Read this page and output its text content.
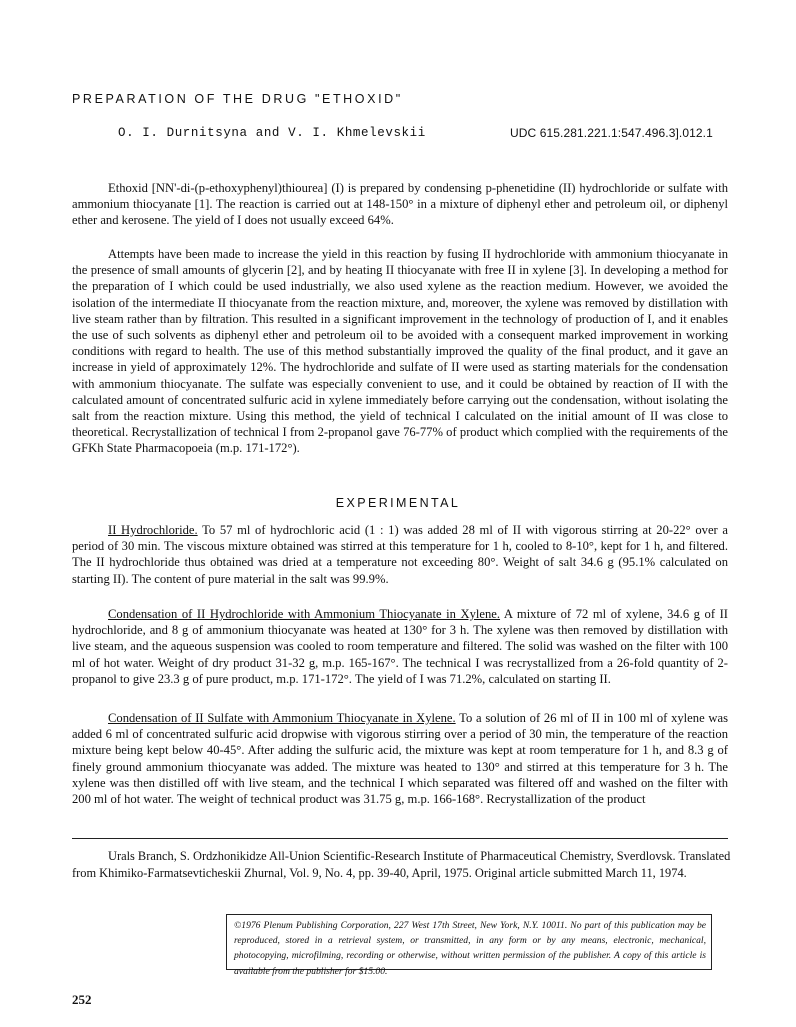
PREPARATION OF THE DRUG "ETHOXID"
O. I. Durnitsyna and V. I. Khmelevskii	UDC 615.281.221.1:547.496.3].012.1

Ethoxid [NN'-di-(p-ethoxyphenyl)thiourea] (I) is prepared by condensing p-phenetidine (II) hydrochloride or sulfate with ammonium thiocyanate [1]. The reaction is carried out at 148-150° in a mixture of diphenyl ether and petroleum oil, or diphenyl ether and kerosene. The yield of I does not usually exceed 64%.

Attempts have been made to increase the yield in this reaction by fusing II hydrochloride with ammonium thiocyanate in the presence of small amounts of glycerin [2], and by heating II thiocyanate with free II in xylene [3]. In developing a method for the preparation of I which could be used industrially, we also used xylene as the reaction medium. However, we avoided the isolation of the intermediate II thiocyanate from the reaction mixture, and, moreover, the xylene was removed by distillation with live steam rather than by filtration. This resulted in a significant improvement in the technology of production of I, and it enables the use of such solvents as diphenyl ether and petroleum oil to be avoided with a consequent marked improvement in working conditions with regard to health. The use of this method substantially improved the quality of the final product, and it gave an increase in yield of approximately 12%. The hydrochloride and sulfate of II were used as starting materials for the condensation with ammonium thiocyanate. The sulfate was especially convenient to use, and it could be obtained by reaction of II with the calculated amount of concentrated sulfuric acid in xylene immediately before carrying out the condensation, without isolating the salt from the reaction mixture. Using this method, the yield of technical I calculated on the initial amount of II was close to theoretical. Recrystallization of technical I from 2-propanol gave 76-77% of product which complied with the requirements of the GFKh State Pharmacopoeia (m.p. 171-172°).

EXPERIMENTAL

II Hydrochloride. To 57 ml of hydrochloric acid (1 : 1) was added 28 ml of II with vigorous stirring at 20-22° over a period of 30 min. The viscous mixture obtained was stirred at this temperature for 1 h, cooled to 8-10°, kept for 1 h, and filtered. The II hydrochloride thus obtained was dried at a temperature not exceeding 80°. Weight of salt 34.6 g (95.1% calculated on starting II). The content of pure material in the salt was 99.9%.

Condensation of II Hydrochloride with Ammonium Thiocyanate in Xylene. A mixture of 72 ml of xylene, 34.6 g of II hydrochloride, and 8 g of ammonium thiocyanate was heated at 130° for 3 h. The xylene was then removed by distillation with live steam, and the aqueous suspension was cooled to room temperature and filtered. The solid was washed on the filter with 100 ml of hot water. Weight of dry product 31-32 g, m.p. 165-167°. The technical I was recrystallized from a 26-fold quantity of 2-propanol to give 23.3 g of pure product, m.p. 171-172°. The yield of I was 71.2%, calculated on starting II.

Condensation of II Sulfate with Ammonium Thiocyanate in Xylene. To a solution of 26 ml of II in 100 ml of xylene was added 6 ml of concentrated sulfuric acid dropwise with vigorous stirring over a period of 30 min, the temperature of the reaction mixture being kept below 40-45°. After adding the sulfuric acid, the mixture was kept at room temperature for 1 h, and 8.3 g of finely ground ammonium thiocyanate was added. The mixture was heated to 130° and stirred at this temperature for 3 h. The xylene was then distilled off with live steam, and the technical I which separated was filtered off and washed on the filter with 200 ml of hot water. The weight of technical product was 31.75 g, m.p. 166-168°. Recrystallization of the product

Urals Branch, S. Ordzhonikidze All-Union Scientific-Research Institute of Pharmaceutical Chemistry, Sverdlovsk. Translated from Khimiko-Farmatsevticheskii Zhurnal, Vol. 9, No. 4, pp. 39-40, April, 1975. Original article submitted March 11, 1974.

©1976 Plenum Publishing Corporation, 227 West 17th Street, New York, N.Y. 10011. No part of this publication may be reproduced, stored in a retrieval system, or transmitted, in any form or by any means, electronic, mechanical, photocopying, microfilming, recording or otherwise, without written permission of the publisher. A copy of this article is available from the publisher for $15.00.

252
